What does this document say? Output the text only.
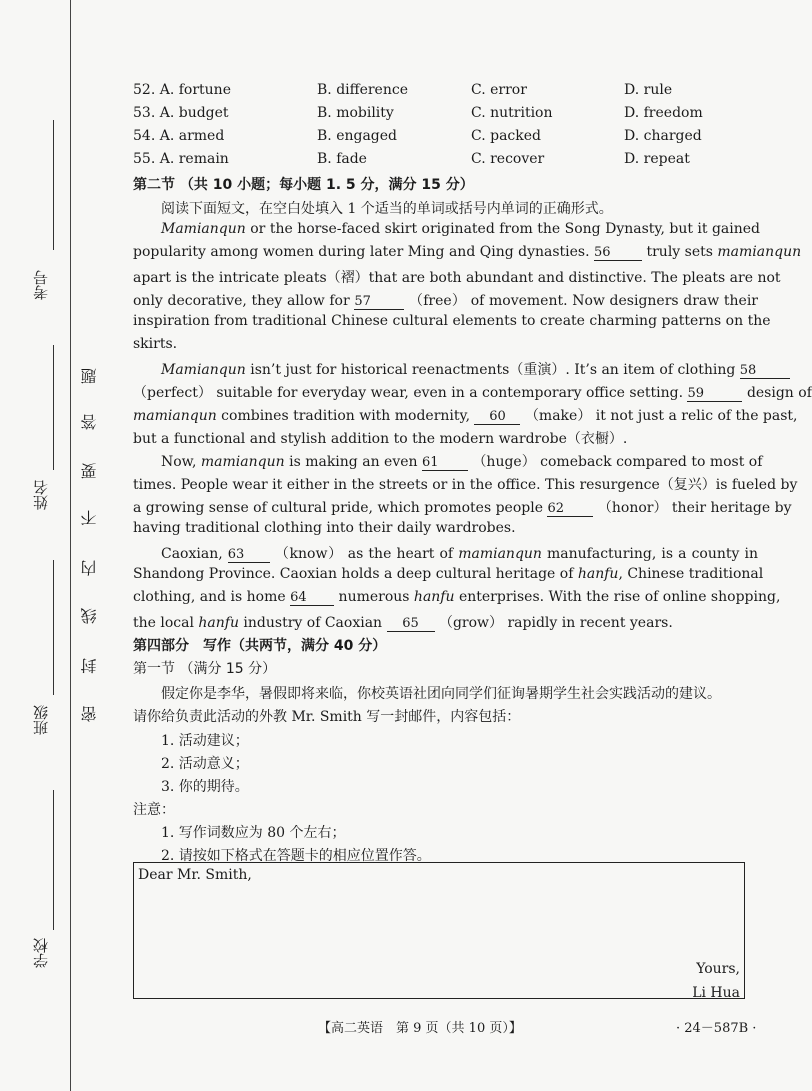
考号
姓名
班级
学校
题
答
要
不
内
线
封
密
52. A. fortune	B. difference	C. error	D. rule
53. A. budget	B. mobility	C. nutrition	D. freedom
54. A. armed	B. engaged	C. packed	D. charged
55. A. remain	B. fade	C. recover	D. repeat
第二节 （共 10 小题；每小题 1. 5 分，满分 15 分）
阅读下面短文，在空白处填入 1 个适当的单词或括号内单词的正确形式。
Mamianqun or the horse-faced skirt originated from the Song Dynasty, but it gained
popularity among women during later Ming and Qing dynasties. 56	truly sets mamianqun
apart is the intricate pleats（褶）that are both abundant and distinctive. The pleats are not
only decorative, they allow for 57	（free） of movement. Now designers draw their
inspiration from traditional Chinese cultural elements to create charming patterns on the
skirts.
Mamianqun isn’t just for historical reenactments（重演）. It’s an item of clothing 58
（perfect） suitable for everyday wear, even in a contemporary office setting. 59	design of
mamianqun combines tradition with modernity, 60 （make） it not just a relic of the past,
but a functional and stylish addition to the modern wardrobe（衣橱）.
Now, mamianqun is making an even 61 （huge） comeback compared to most of
times. People wear it either in the streets or in the office. This resurgence（复兴）is fueled by
a growing sense of cultural pride, which promotes people 62 （honor） their heritage by
having traditional clothing into their daily wardrobes.
Caoxian, 63 （know） as the heart of mamianqun manufacturing, is a county in
Shandong Province. Caoxian holds a deep cultural heritage of hanfu, Chinese traditional
clothing, and is home 64 numerous hanfu enterprises. With the rise of online shopping,
the local hanfu industry of Caoxian 65 （grow） rapidly in recent years.
第四部分　写作（共两节，满分 40 分）
第一节 （满分 15 分）
假定你是李华，暑假即将来临，你校英语社团向同学们征询暑期学生社会实践活动的建议。
请你给负责此活动的外教 Mr. Smith 写一封邮件，内容包括：
1. 活动建议；
2. 活动意义；
3. 你的期待。
注意：
1. 写作词数应为 80 个左右；
2. 请按如下格式在答题卡的相应位置作答。
Dear Mr. Smith,
Yours,
Li Hua
【高二英语　第 9 页（共 10 页）】	· 24－587B ·
